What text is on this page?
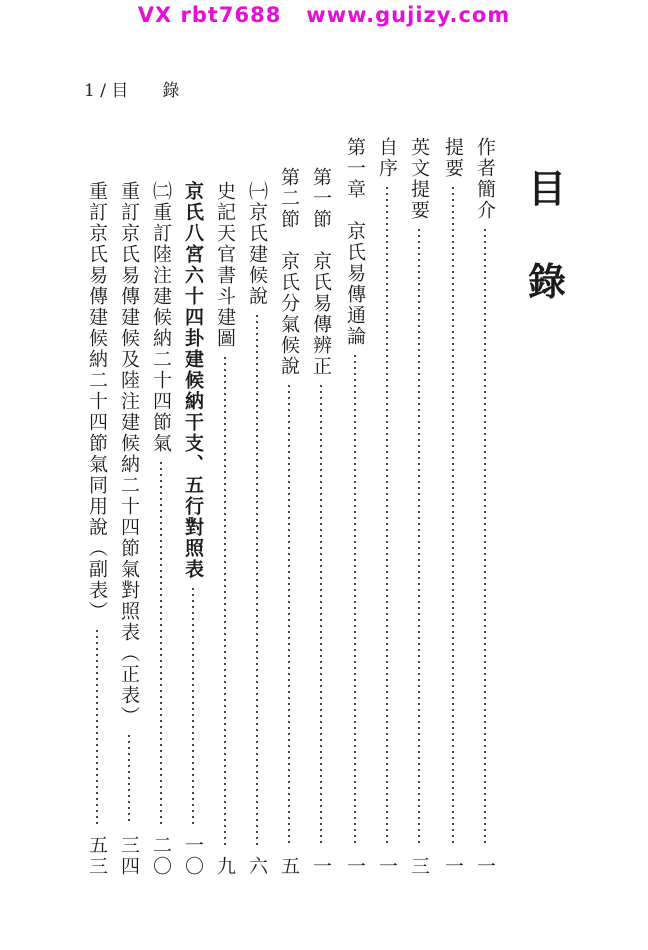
VX rbt7688   www.gujizy.com
1 / 目　　錄
目
錄
作者簡介
一
提要
一
英文提要
三
自序
一
第一章　京氏易傳通論
一
第一節　京氏易傳辨正
一
第二節　京氏分氣候說
五
㈠京氏建候說
六
史記天官書斗建圖
九
京氏八宮六十四卦建候納干支、五行對照表
一〇
㈡重訂陸注建候納二十四節氣
二〇
重訂京氏易傳建候及陸注建候納二十四節氣對照表（正表）
三四
重訂京氏易傳建候納二十四節氣同用說（副表）
五三
